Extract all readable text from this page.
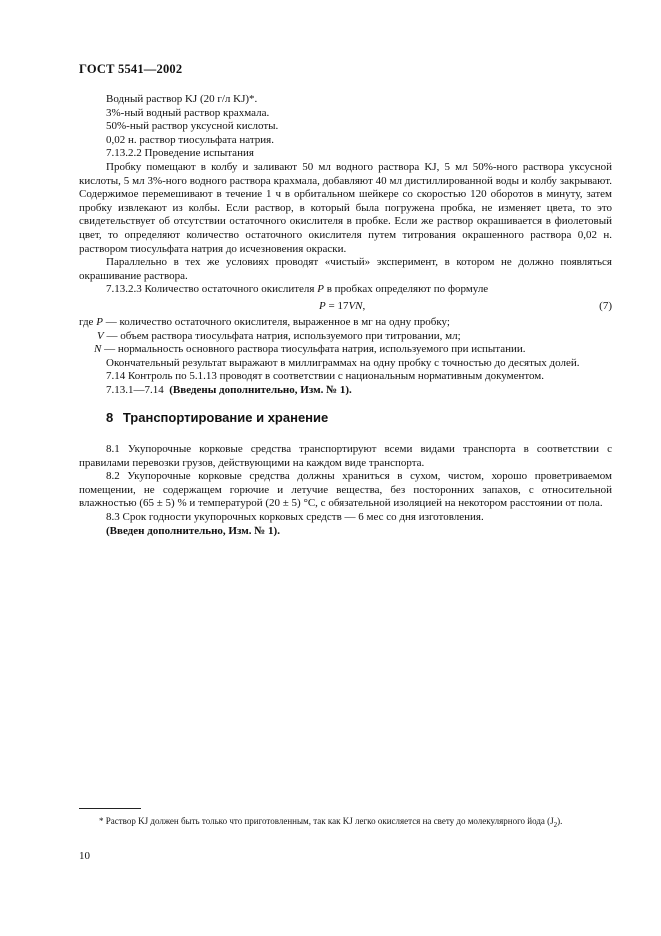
ГОСТ 5541—2002

Водный раствор KJ (20 г/л KJ)*.

3%-ный водный раствор крахмала.

50%-ный раствор уксусной кислоты.

0,02 н. раствор тиосульфата натрия.

7.13.2.2 Проведение испытания

Пробку помещают в колбу и заливают 50 мл водного раствора KJ, 5 мл 50%-ного раствора уксусной кислоты, 5 мл 3%-ного водного раствора крахмала, добавляют 40 мл дистиллированной воды и колбу закрывают. Содержимое перемешивают в течение 1 ч в орбитальном шейкере со скоростью 120 оборотов в минуту, затем пробку извлекают из колбы. Если раствор, в который была погружена пробка, не изменяет цвета, то это свидетельствует об отсутствии остаточного окислителя в пробке. Если же раствор окрашивается в фиолетовый цвет, то определяют количество остаточного окислителя путем титрования окрашенного раствора 0,02 н. раствором тиосульфата натрия до исчезновения окраски.

Параллельно в тех же условиях проводят «чистый» эксперимент, в котором не должно появляться окрашивание раствора.

7.13.2.3 Количество остаточного окислителя P в пробках определяют по формуле

P = 17VN,	(7)

где P — количество остаточного окислителя, выраженное в мг на одну пробку;

V — объем раствора тиосульфата натрия, используемого при титровании, мл;

N — нормальность основного раствора тиосульфата натрия, используемого при испытании.

Окончательный результат выражают в миллиграммах на одну пробку с точностью до десятых долей.

7.14 Контроль по 5.1.13 проводят в соответствии с национальным нормативным документом.

7.13.1—7.14 (Введены дополнительно, Изм. № 1).

8 Транспортирование и хранение

8.1 Укупорочные корковые средства транспортируют всеми видами транспорта в соответствии с правилами перевозки грузов, действующими на каждом виде транспорта.

8.2 Укупорочные корковые средства должны храниться в сухом, чистом, хорошо проветриваемом помещении, не содержащем горючие и летучие вещества, без посторонних запахов, с относительной влажностью (65 ± 5) % и температурой (20 ± 5) °С, с обязательной изоляцией на некотором расстоянии от пола.

8.3 Срок годности укупорочных корковых средств — 6 мес со дня изготовления.

(Введен дополнительно, Изм. № 1).

* Раствор KJ должен быть только что приготовленным, так как KJ легко окисляется на свету до молекулярного йода $(J_2)$.
10
